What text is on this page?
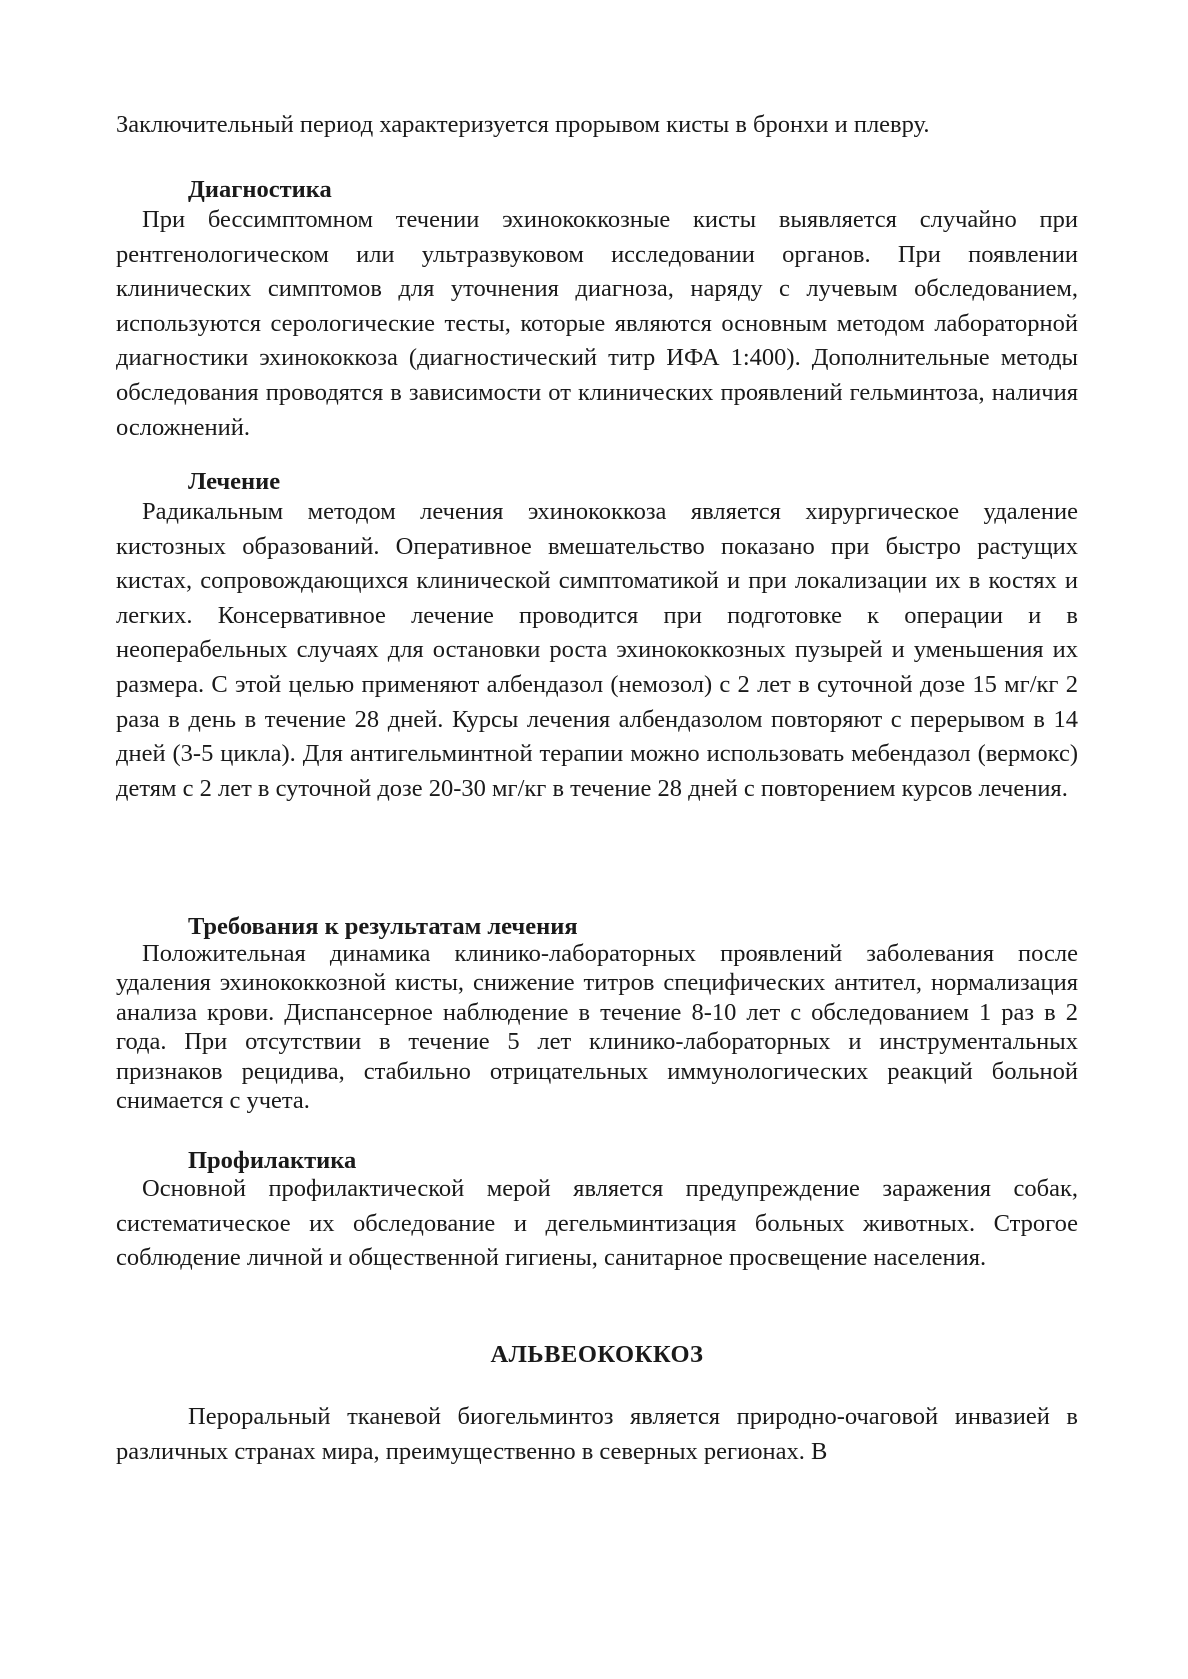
Заключительный период характеризуется прорывом кисты в бронхи и плевру.

Диагностика

При бессимптомном течении эхинококкозные кисты выявляется случайно при рентгенологическом или ультразвуковом исследовании органов. При появлении клинических симптомов для уточнения диагноза, наряду с лучевым обследованием, используются серологические тесты, которые являются основным методом лабораторной диагностики эхинококкоза (диагностический титр ИФА 1:400). Дополнительные методы обследования проводятся в зависимости от клинических проявлений гельминтоза, наличия осложнений.

Лечение

Радикальным методом лечения эхинококкоза является хирургическое удаление кистозных образований. Оперативное вмешательство показано при быстро растущих кистах, сопровождающихся клинической симптоматикой и при локализации их в костях и легких. Консервативное лечение проводится при подготовке к операции и в неоперабельных случаях для остановки роста эхинококкозных пузырей и уменьшения их размера. С этой целью применяют албендазол (немозол) с 2 лет в суточной дозе 15 мг/кг 2 раза в день в течение 28 дней. Курсы лечения албендазолом повторяют с перерывом в 14 дней (3-5 цикла). Для антигельминтной терапии можно использовать мебендазол (вермокс) детям с 2 лет в суточной дозе 20-30 мг/кг в течение 28 дней с повторением курсов лечения.

Требования к результатам лечения

Положительная динамика клинико-лабораторных проявлений заболевания после удаления эхинококкозной кисты, снижение титров специфических антител, нормализация анализа крови. Диспансерное наблюдение в течение 8-10 лет с обследованием 1 раз в 2 года. При отсутствии в течение 5 лет клинико-лабораторных и инструментальных признаков рецидива, стабильно отрицательных иммунологических реакций больной снимается с учета.

Профилактика

Основной профилактической мерой является предупреждение заражения собак, систематическое их обследование и дегельминтизация больных животных. Строгое соблюдение личной и общественной гигиены, санитарное просвещение населения.

АЛЬВЕОКОККОЗ

Пероральный тканевой биогельминтоз является природно-очаговой инвазией в различных странах мира, преимущественно в северных регионах. В
